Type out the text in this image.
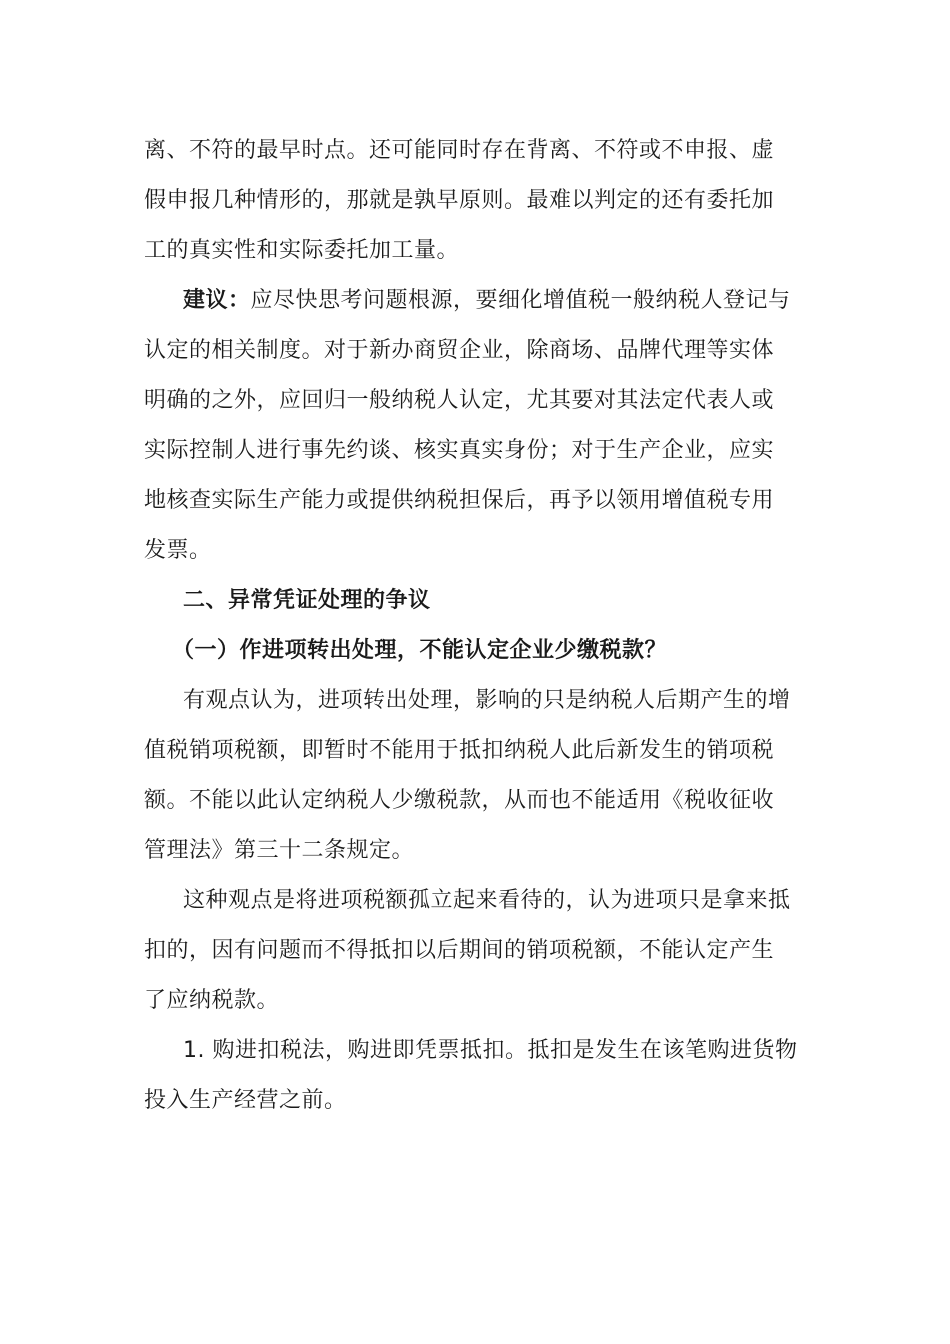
离、不符的最早时点。还可能同时存在背离、不符或不申报、虚
假申报几种情形的，那就是孰早原则。最难以判定的还有委托加
工的真实性和实际委托加工量。
建议：应尽快思考问题根源，要细化增值税一般纳税人登记与
认定的相关制度。对于新办商贸企业，除商场、品牌代理等实体
明确的之外，应回归一般纳税人认定，尤其要对其法定代表人或
实际控制人进行事先约谈、核实真实身份；对于生产企业，应实
地核查实际生产能力或提供纳税担保后，再予以领用增值税专用
发票。
二、异常凭证处理的争议
（一）作进项转出处理，不能认定企业少缴税款？
有观点认为，进项转出处理，影响的只是纳税人后期产生的增
值税销项税额，即暂时不能用于抵扣纳税人此后新发生的销项税
额。不能以此认定纳税人少缴税款，从而也不能适用《税收征收
管理法》第三十二条规定。
这种观点是将进项税额孤立起来看待的，认为进项只是拿来抵
扣的，因有问题而不得抵扣以后期间的销项税额，不能认定产生
了应纳税款。
1. 购进扣税法，购进即凭票抵扣。抵扣是发生在该笔购进货物
投入生产经营之前。
